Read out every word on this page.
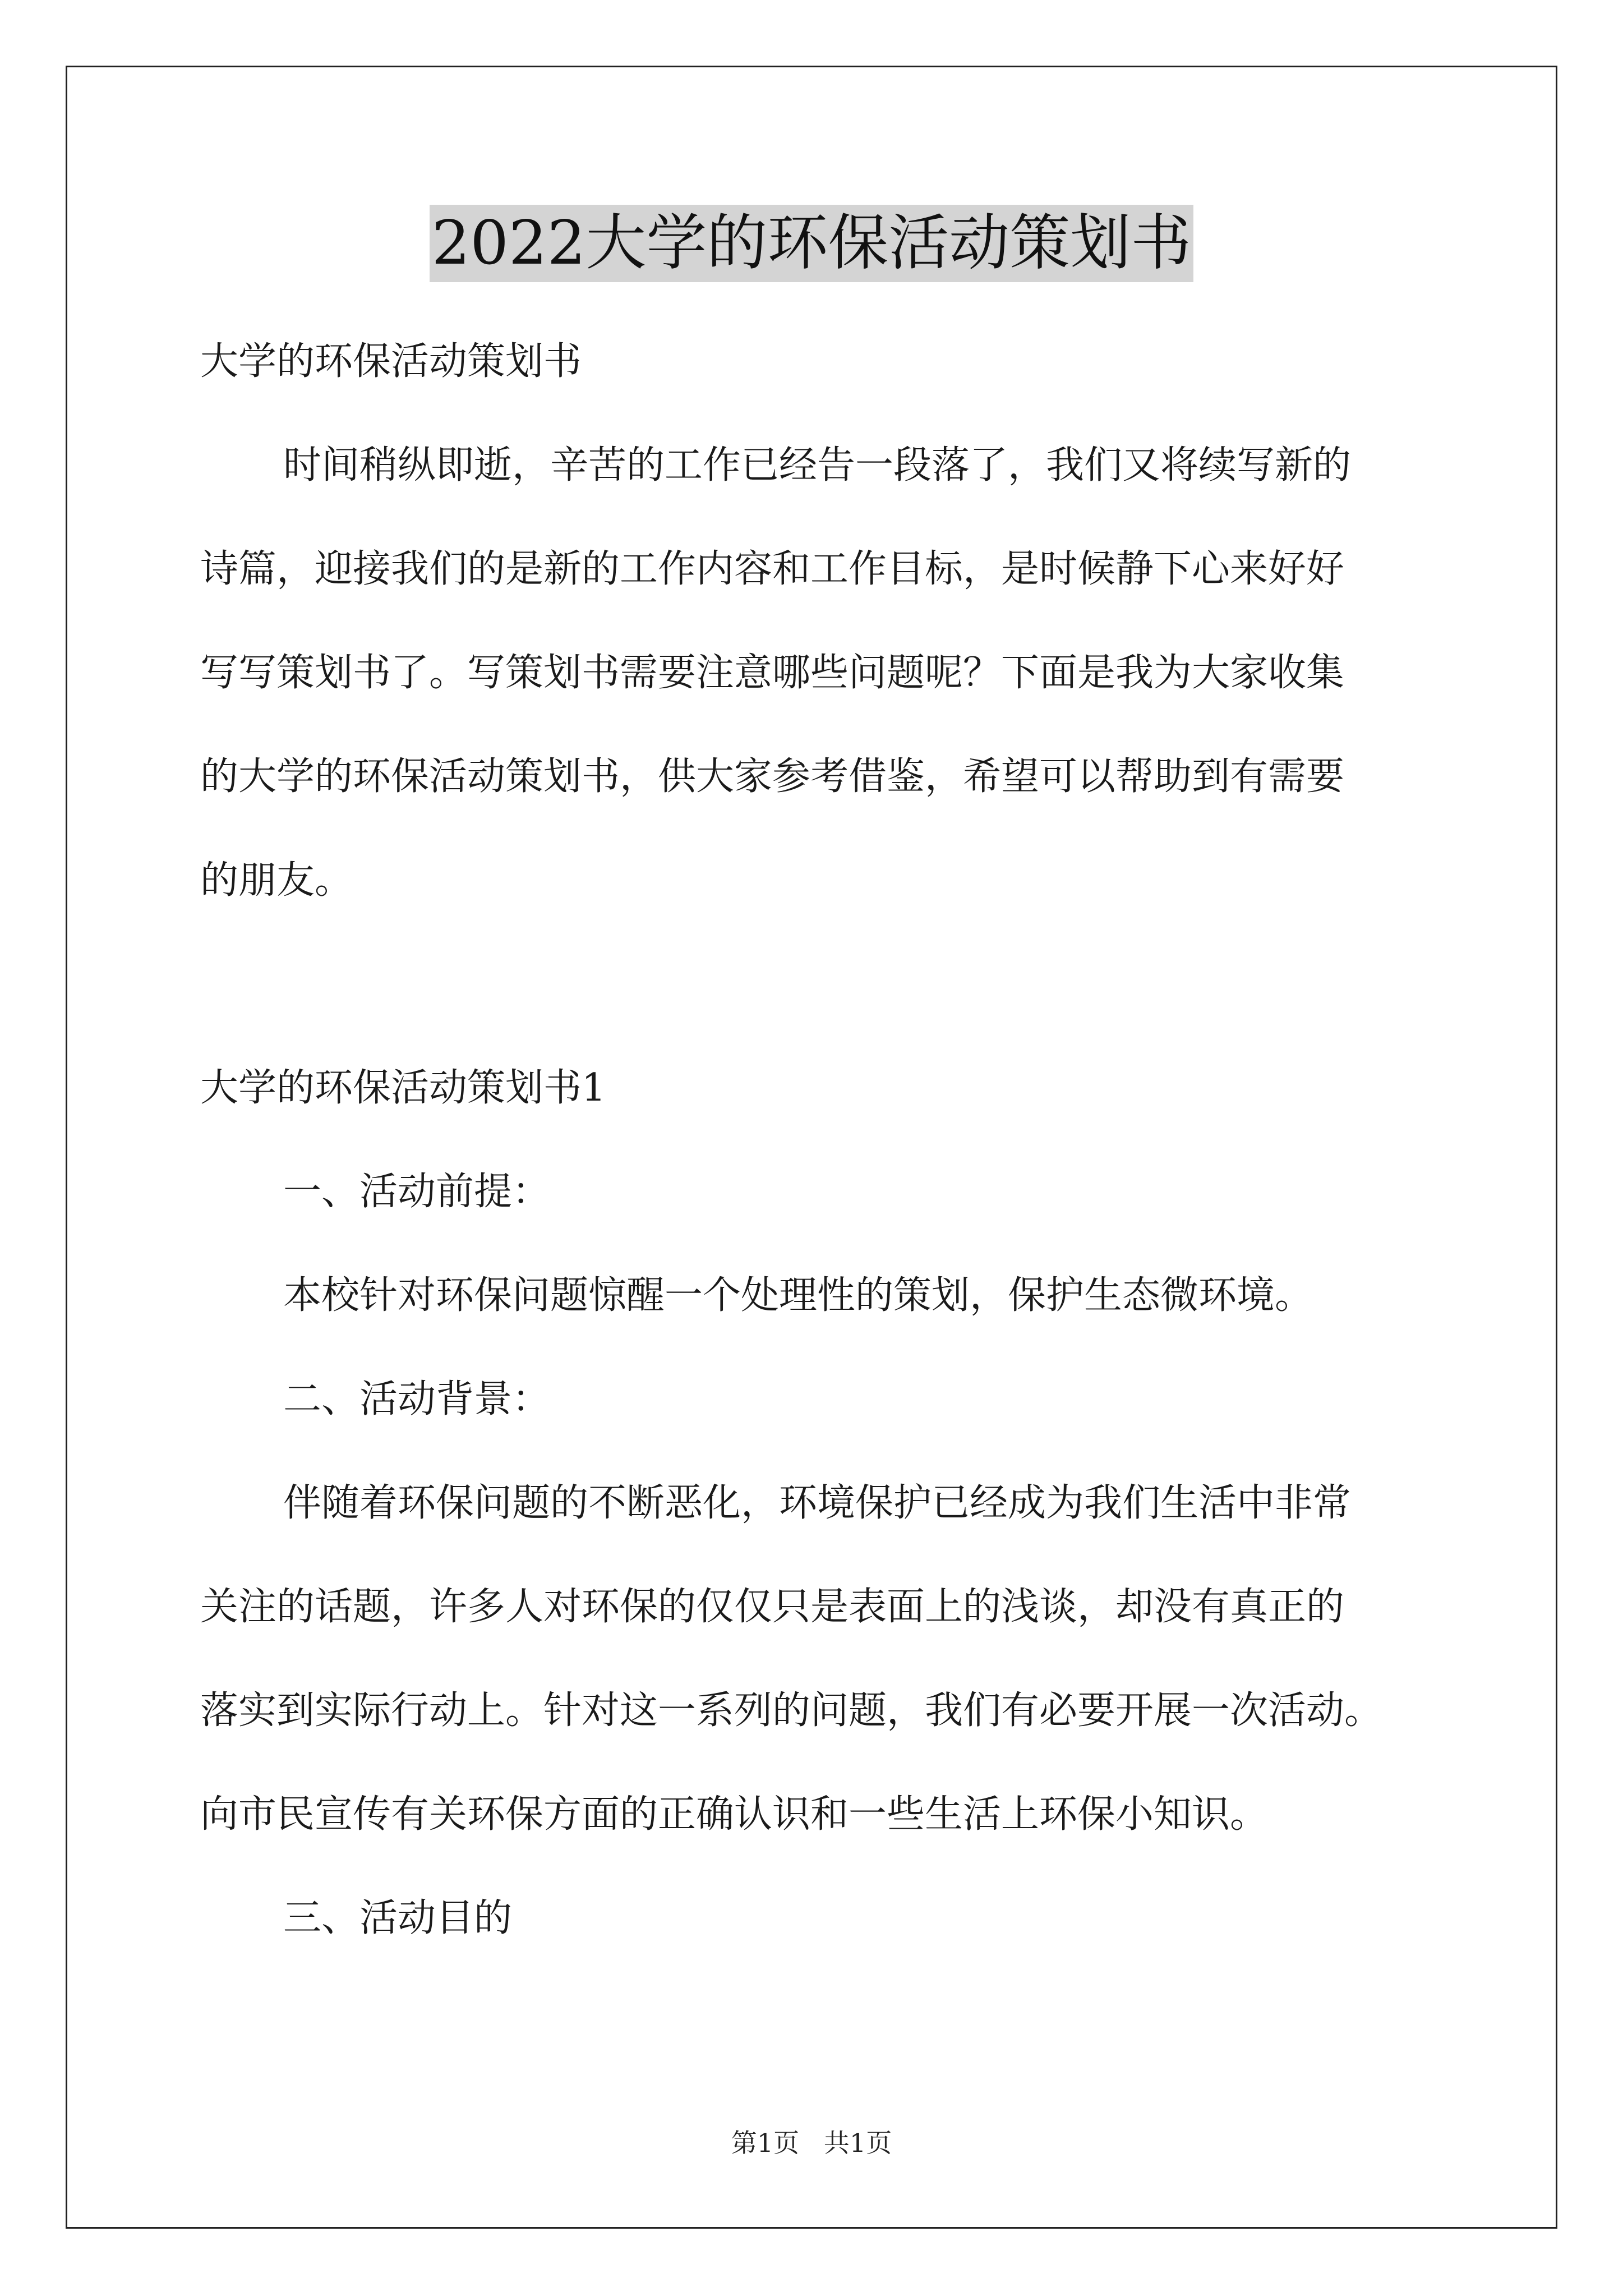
2022大学的环保活动策划书
大学的环保活动策划书
时间稍纵即逝，辛苦的工作已经告一段落了，我们又将续写新的
诗篇，迎接我们的是新的工作内容和工作目标，是时候静下心来好好
写写策划书了。写策划书需要注意哪些问题呢？下面是我为大家收集
的大学的环保活动策划书，供大家参考借鉴，希望可以帮助到有需要
的朋友。
大学的环保活动策划书1
一、活动前提：
本校针对环保问题惊醒一个处理性的策划，保护生态微环境。
二、活动背景：
伴随着环保问题的不断恶化，环境保护已经成为我们生活中非常
关注的话题，许多人对环保的仅仅只是表面上的浅谈，却没有真正的
落实到实际行动上。针对这一系列的问题，我们有必要开展一次活动。
向市民宣传有关环保方面的正确认识和一些生活上环保小知识。
三、活动目的
第1页   共1页
